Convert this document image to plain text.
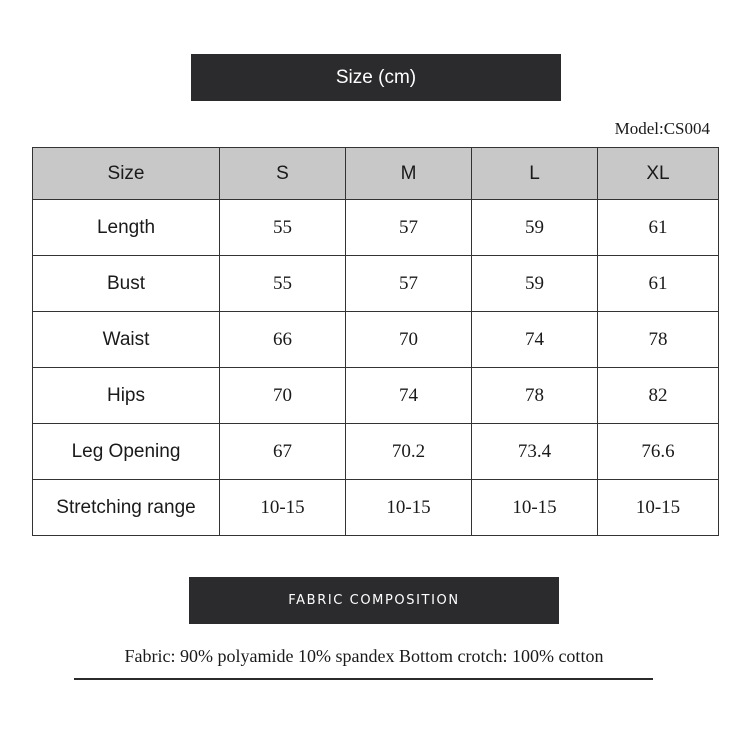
Size (cm)
Model:CS004
Size	S	M	L	XL
Length	55	57	59	61
Bust	55	57	59	61
Waist	66	70	74	78
Hips	70	74	78	82
Leg Opening	67	70.2	73.4	76.6
Stretching range	10-15	10-15	10-15	10-15
FABRIC COMPOSITION
Fabric: 90% polyamide 10% spandex Bottom crotch: 100% cotton
